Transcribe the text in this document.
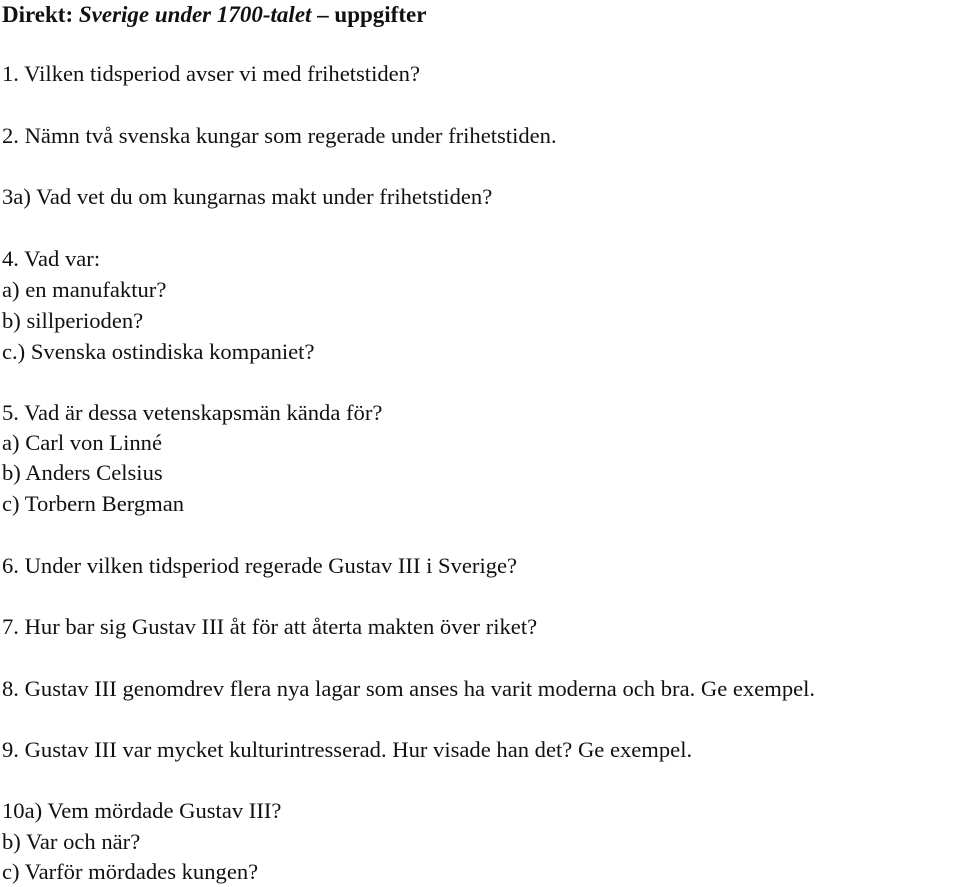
Direkt: Sverige under 1700-talet – uppgifter
1. Vilken tidsperiod avser vi med frihetstiden?
2. Nämn två svenska kungar som regerade under frihetstiden.
3a) Vad vet du om kungarnas makt under frihetstiden?
4. Vad var:
a) en manufaktur?
b) sillperioden?
c.) Svenska ostindiska kompaniet?
5. Vad är dessa vetenskapsmän kända för?
a) Carl von Linné
b) Anders Celsius
c) Torbern Bergman
6. Under vilken tidsperiod regerade Gustav III i Sverige?
7. Hur bar sig Gustav III åt för att återta makten över riket?
8. Gustav III genomdrev flera nya lagar som anses ha varit moderna och bra. Ge exempel.
9. Gustav III var mycket kulturintresserad. Hur visade han det? Ge exempel.
10a) Vem mördade Gustav III?
b) Var och när?
c) Varför mördades kungen?
